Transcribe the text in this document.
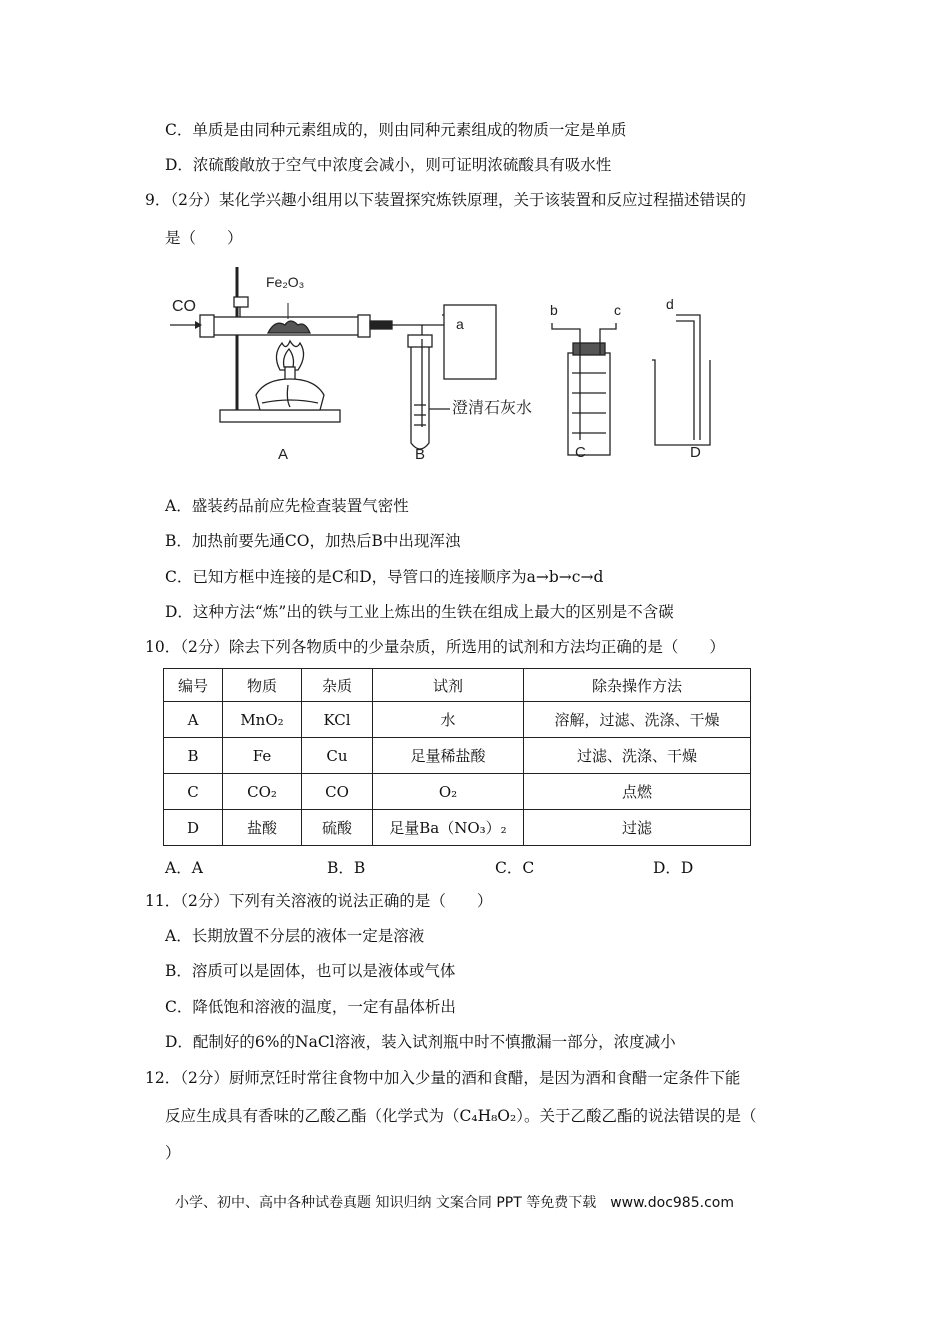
C．单质是由同种元素组成的，则由同种元素组成的物质一定是单质
D．浓硫酸敞放于空气中浓度会减小，则可证明浓硫酸具有吸水性
9．（2分）某化学兴趣小组用以下装置探究炼铁原理，关于该装置和反应过程描述错误的
是（　　）
CO
Fe₂O₃
a
澄清石灰水
b	c	d
A	B	C	D
A．盛装药品前应先检查装置气密性
B．加热前要先通CO，加热后B中出现浑浊
C．已知方框中连接的是C和D，导管口的连接顺序为a→b→c→d
D．这种方法“炼”出的铁与工业上炼出的生铁在组成上最大的区别是不含碳
10．（2分）除去下列各物质中的少量杂质，所选用的试剂和方法均正确的是（　　）
编号	物质	杂质	试剂	除杂操作方法
A	MnO₂	KCl	水	溶解，过滤、洗涤、干燥
B	Fe	Cu	足量稀盐酸	过滤、洗涤、干燥
C	CO₂	CO	O₂	点燃
D	盐酸	硫酸	足量Ba（NO₃）₂	过滤
A．A	B．B	C．C	D．D
11．（2分）下列有关溶液的说法正确的是（　　）
A．长期放置不分层的液体一定是溶液
B．溶质可以是固体，也可以是液体或气体
C．降低饱和溶液的温度，一定有晶体析出
D．配制好的6%的NaCl溶液，装入试剂瓶中时不慎撒漏一部分，浓度减小
12．（2分）厨师烹饪时常往食物中加入少量的酒和食醋，是因为酒和食醋一定条件下能
反应生成具有香味的乙酸乙酯（化学式为（C₄H₈O₂）。关于乙酸乙酯的说法错误的是（
）
小学、初中、高中各种试卷真题 知识归纳 文案合同 PPT 等免费下载　www.doc985.com
